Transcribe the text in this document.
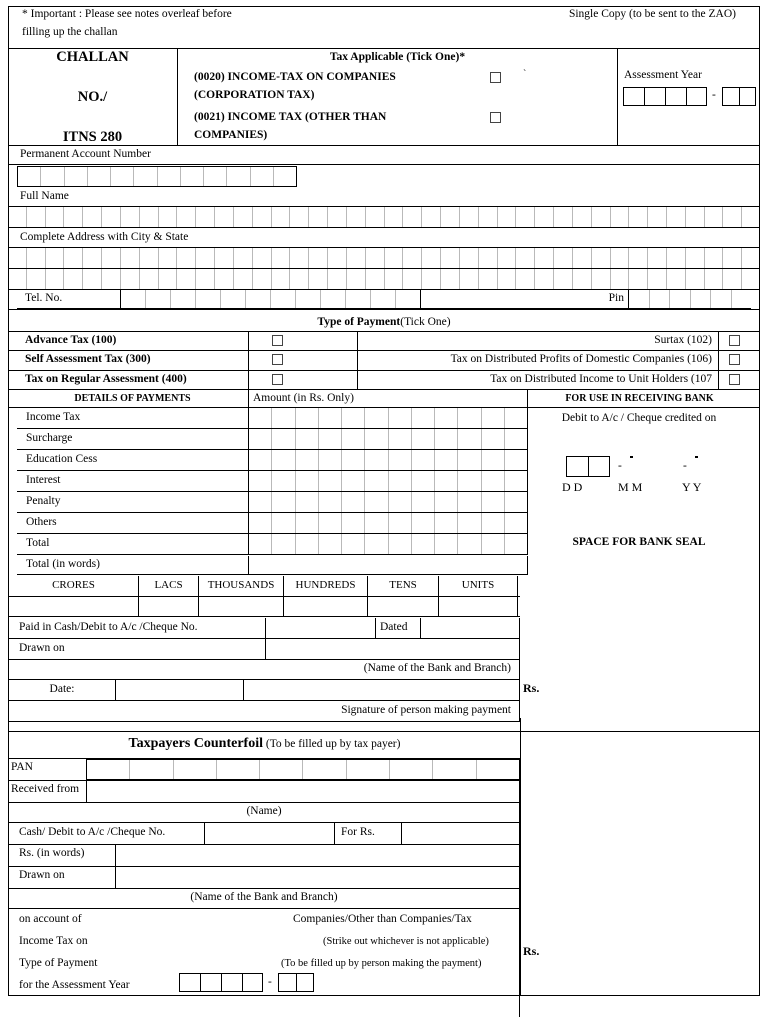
* Important : Please see notes overleaf before
filling up the challan
Single Copy (to be sent to the ZAO)
CHALLAN

NO./

ITNS 280
Tax Applicable (Tick One)*
(0020) INCOME-TAX ON COMPANIES
(CORPORATION TAX)
(0021) INCOME TAX (OTHER THAN
COMPANIES)
`	Assessment Year
-
Permanent Account Number
Full Name
Complete Address with City & State
Tel. No.	Pin
Type of Payment(Tick One)
Advance Tax (100)	Surtax (102)
Self Assessment Tax (300)	Tax on Distributed Profits of Domestic Companies (106)
Tax on Regular Assessment (400)	Tax on Distributed Income to Unit Holders (107
DETAILS OF PAYMENTS	Amount (in Rs. Only)	FOR USE IN RECEIVING BANK
Income Tax
Surcharge
Education Cess
Interest
Penalty
Others
Total
Debit to A/c / Cheque credited on
-	-
D D	M M	Y Y
SPACE FOR BANK SEAL
Total (in words)
CRORES	LACS	THOUSANDS	HUNDREDS	TENS	UNITS
Paid in Cash/Debit to A/c /Cheque No.	Dated
Drawn on
(Name of the Bank and Branch)
Date:
Signature of person making payment
Rs.
Taxpayers Counterfoil (To be filled up by tax payer)
PAN
Received from
(Name)
Cash/ Debit to A/c /Cheque No.	For Rs.
Rs. (in words)
Drawn on
(Name of the Bank and Branch)
on account of	Companies/Other than Companies/Tax
Income Tax on	(Strike out whichever is not applicable)
Type of Payment	(To be filled up by person making the payment)
for the Assessment Year	-
Rs.
